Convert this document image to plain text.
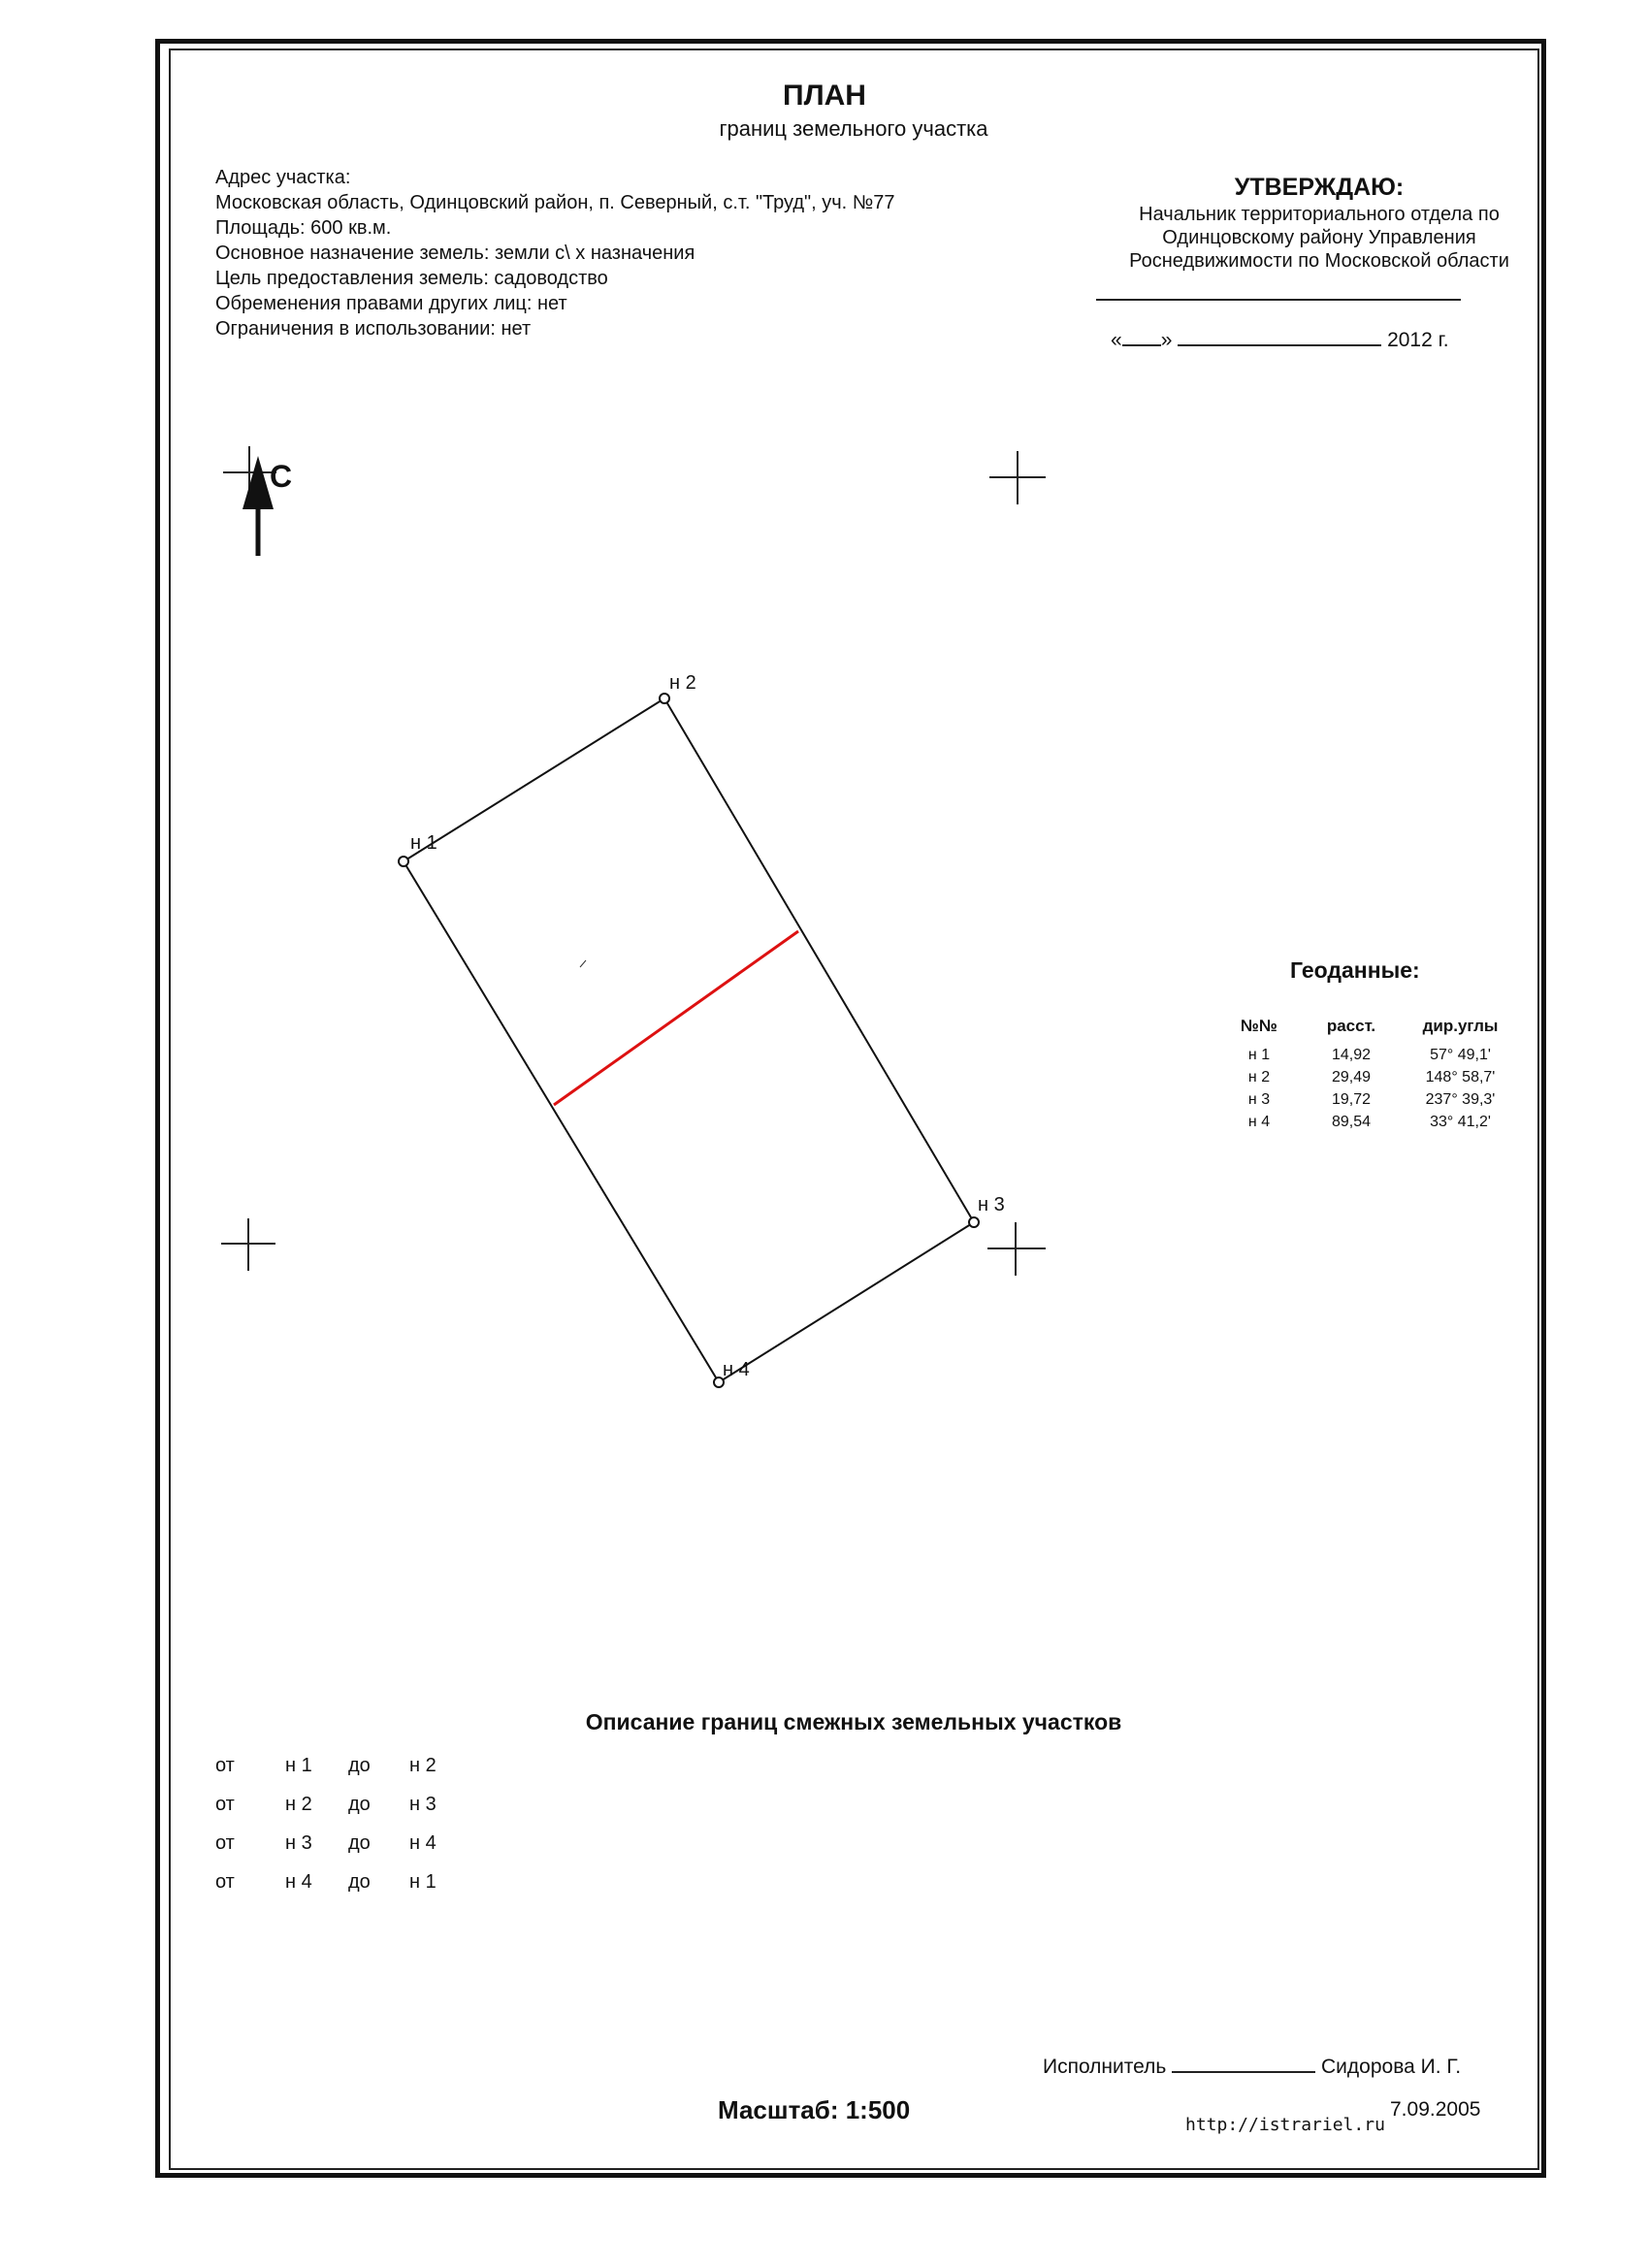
ПЛАН
границ земельного участка
Адрес участка:
Московская область, Одинцовский район, п. Северный, с.т. "Труд", уч. №77
Площадь: 600 кв.м.
Основное назначение земель: земли с\ х назначения
Цель предоставления земель: садоводство
Обременения правами других лиц: нет
Ограничения в использовании: нет
УТВЕРЖДАЮ:
Начальник территориального отдела по
Одинцовскому району Управления
Роснедвижимости по Московской области
« »	2012 г.
С
н 1
н 2
н 3
н 4
Геоданные:
№№	расст.	дир.углы
н 1	14,92	57° 49,1'
н 2	29,49	148° 58,7'
н 3	19,72	237° 39,3'
н 4	89,54	33° 41,2'
Описание границ смежных земельных участков
от	н 1	до	н 2
от	н 2	до	н 3
от	н 3	до	н 4
от	н 4	до	н 1
Исполнитель	Сидорова И. Г.
Масштаб: 1:500
http://istrariel.ru
7.09.2005
